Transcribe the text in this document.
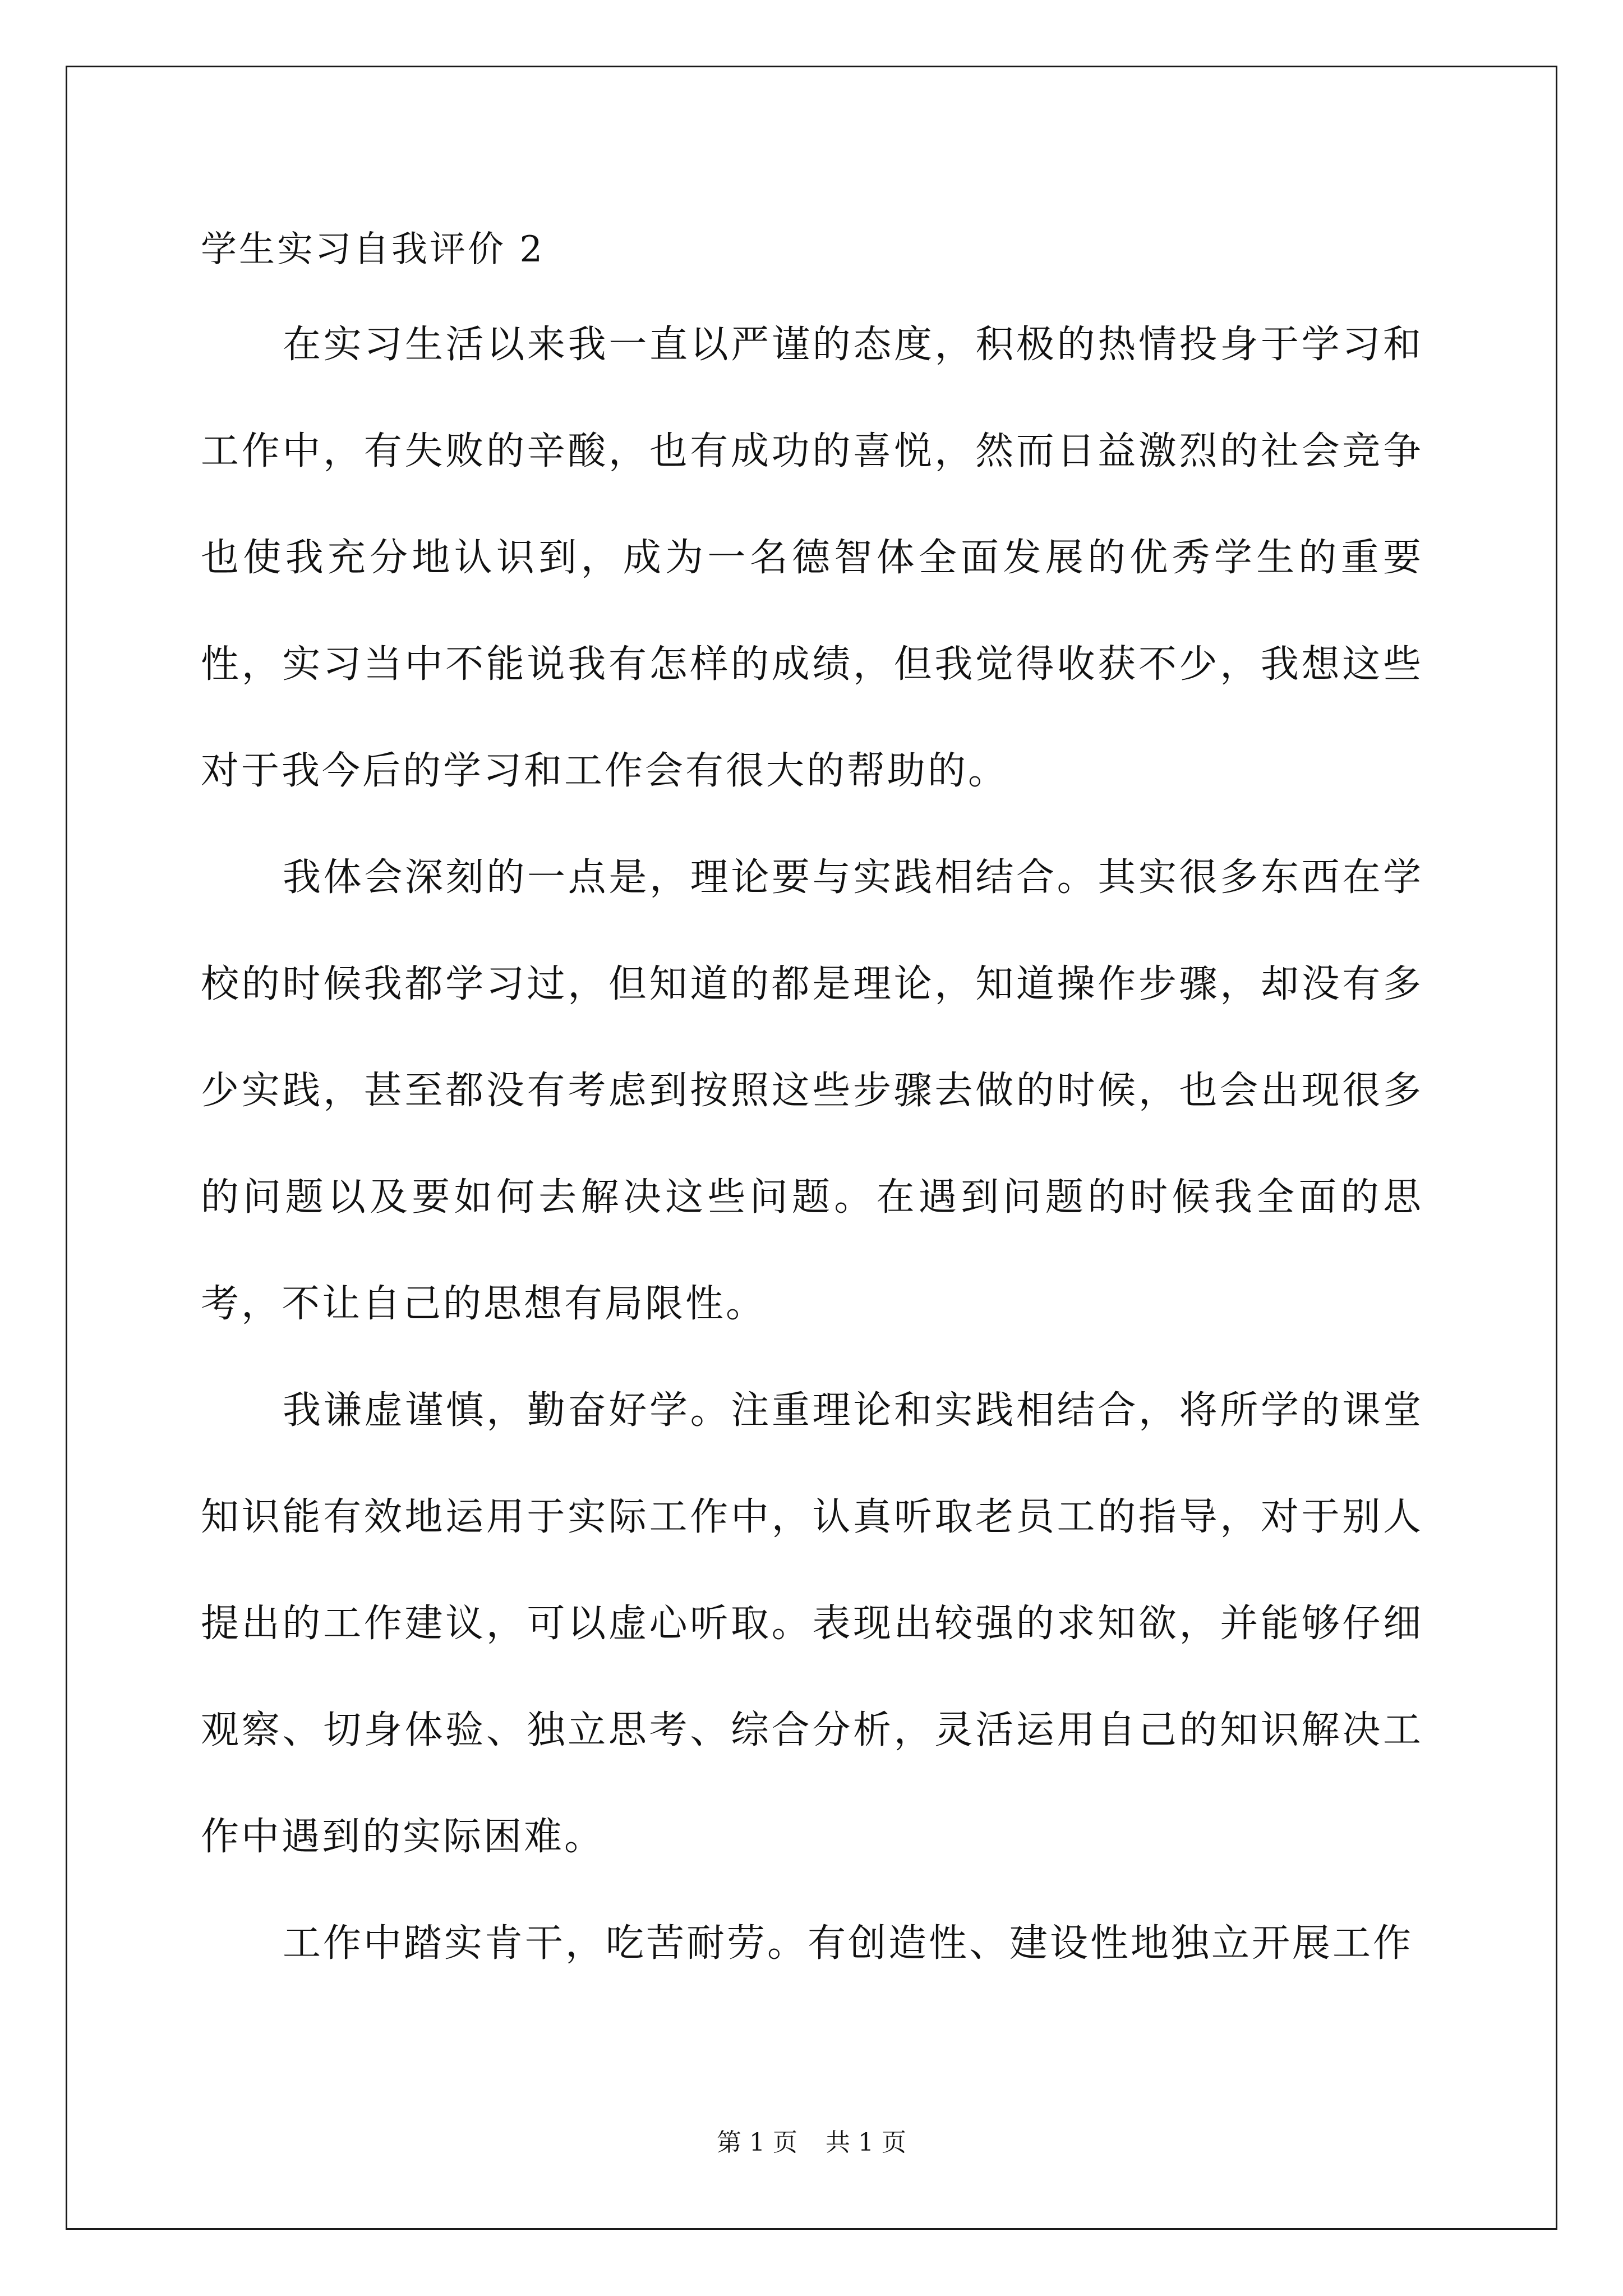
学生实习自我评价 2

在实习生活以来我一直以严谨的态度，积极的热情投身于学习和工作中，有失败的辛酸，也有成功的喜悦，然而日益激烈的社会竞争也使我充分地认识到，成为一名德智体全面发展的优秀学生的重要性，实习当中不能说我有怎样的成绩，但我觉得收获不少，我想这些对于我今后的学习和工作会有很大的帮助的。

我体会深刻的一点是，理论要与实践相结合。其实很多东西在学校的时候我都学习过，但知道的都是理论，知道操作步骤，却没有多少实践，甚至都没有考虑到按照这些步骤去做的时候，也会出现很多的问题以及要如何去解决这些问题。在遇到问题的时候我全面的思考，不让自己的思想有局限性。

我谦虚谨慎，勤奋好学。注重理论和实践相结合，将所学的课堂知识能有效地运用于实际工作中，认真听取老员工的指导，对于别人提出的工作建议，可以虚心听取。表现出较强的求知欲，并能够仔细观察、切身体验、独立思考、综合分析，灵活运用自己的知识解决工作中遇到的实际困难。

工作中踏实肯干，吃苦耐劳。有创造性、建设性地独立开展工作

第 1 页 共 1 页
